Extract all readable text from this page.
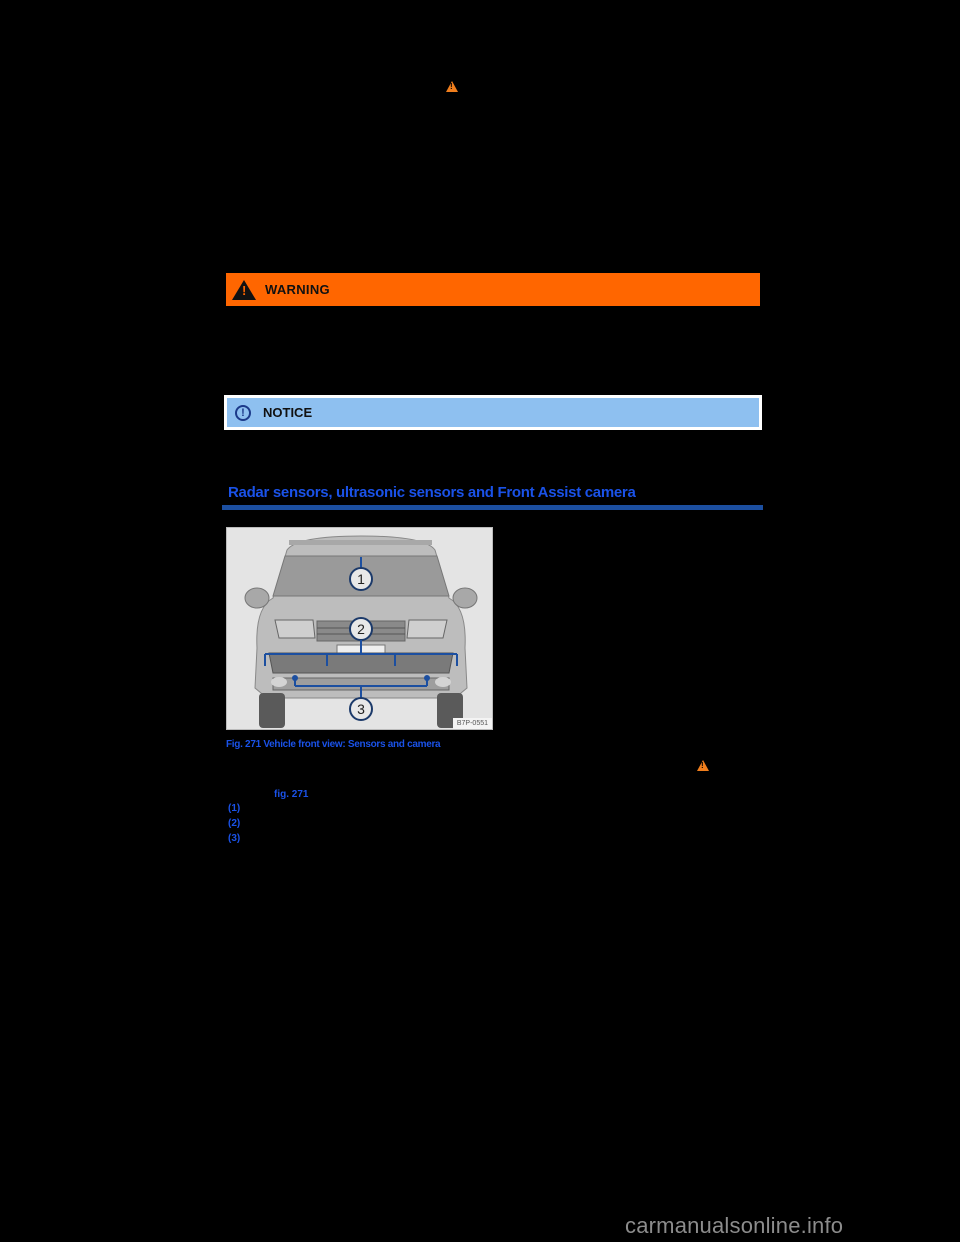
!
!
WARNING
!	NOTICE
Radar sensors, ultrasonic sensors and Front Assist camera
1
2
3
B7P-0551
Fig. 271 Vehicle front view: Sensors and camera
!
fig. 271
(1)
(2)
(3)
carmanualsonline.info
